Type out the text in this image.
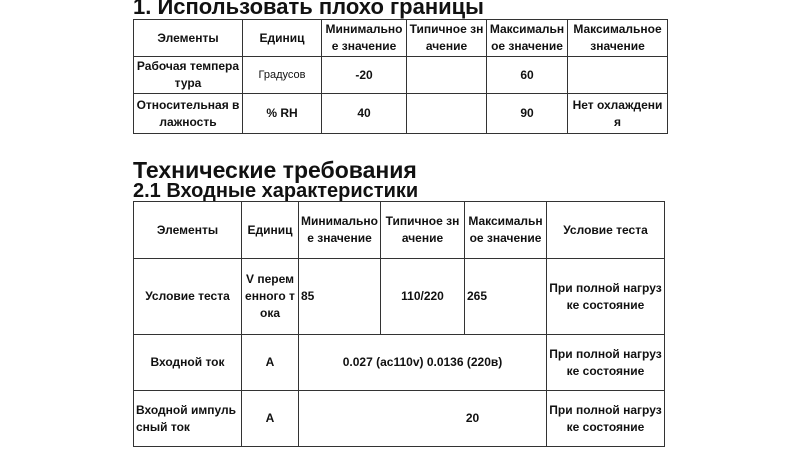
1. Использовать плохо границы
Элементы	Единиц	Минимальное значение	Типичное значение	Максимальное значение	Максимальное значение
Рабочая температура	Градусов	-20		60	
Относительная влажность	% RH	40		90	Нет охлаждения
Технические требования
2.1 Входные характеристики
Элементы	Единиц	Минимальное значение	Типичное значение	Максимальное значение	Условие теста
Условие теста	V переменного тока	85	110/220	265	При полной нагрузке состояние
Входной ток	A	0.027 (ac110v) 0.0136 (220в)			При полной нагрузке состояние
Входной импульсный ток	A	20			При полной нагрузке состояние
